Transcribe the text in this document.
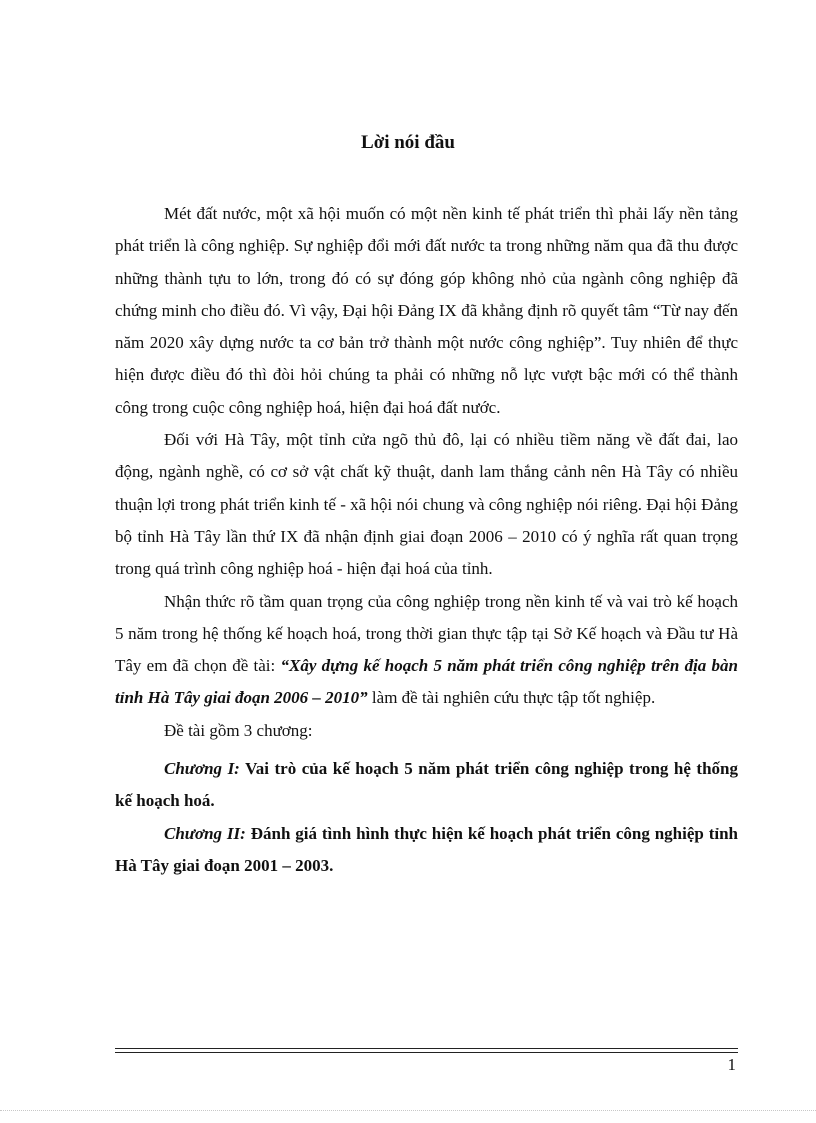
Lời nói đầu

Mét đất nước, một xã hội muốn có một nền kinh tế phát triển thì phải lấy nền tảng phát triển là công nghiệp. Sự nghiệp đổi mới đất nước ta trong những năm qua đã thu được những thành tựu to lớn, trong đó có sự đóng góp không nhỏ của ngành công nghiệp đã chứng minh cho điều đó. Vì vậy, Đại hội Đảng IX đã khẳng định rõ quyết tâm “Từ nay đến năm 2020 xây dựng nước ta cơ bản trở thành một nước công nghiệp”. Tuy nhiên để thực hiện được điều đó thì đòi hỏi chúng ta phải có những nỗ lực vượt bậc mới có thể thành công trong cuộc công nghiệp hoá, hiện đại hoá đất nước.

Đối với Hà Tây, một tỉnh cửa ngõ thủ đô, lại có nhiều tiềm năng về đất đai, lao động, ngành nghề, có cơ sở vật chất kỹ thuật, danh lam thắng cảnh nên Hà Tây có nhiều thuận lợi trong phát triển kinh tế - xã hội nói chung và công nghiệp nói riêng. Đại hội Đảng bộ tỉnh Hà Tây lần thứ IX đã nhận định giai đoạn 2006 – 2010 có ý nghĩa rất quan trọng trong quá trình công nghiệp hoá - hiện đại hoá của tỉnh.

Nhận thức rõ tầm quan trọng của công nghiệp trong nền kinh tế và vai trò kế hoạch 5 năm trong hệ thống kế hoạch hoá, trong thời gian thực tập tại Sở Kế hoạch và Đầu tư Hà Tây em đã chọn đề tài: “Xây dựng kế hoạch 5 năm phát triển công nghiệp trên địa bàn tỉnh Hà Tây giai đoạn 2006 – 2010” làm đề tài nghiên cứu thực tập tốt nghiệp.

Đề tài gồm 3 chương:

Chương I: Vai trò của kế hoạch 5 năm phát triển công nghiệp trong hệ thống kế hoạch hoá.

Chương II: Đánh giá tình hình thực hiện kế hoạch phát triển công nghiệp tỉnh Hà Tây giai đoạn 2001 – 2003.

1
